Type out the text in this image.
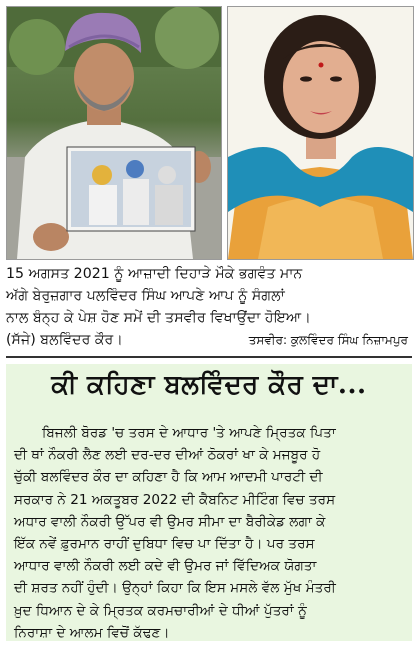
15 ਅਗਸਤ 2021 ਨੂੰ ਆਜ਼ਾਦੀ ਦਿਹਾੜੇ ਮੌਕੇ ਭਗਵੰਤ ਮਾਨ
ਅੱਗੇ ਬੇਰੁਜ਼ਗਾਰ ਪਲਵਿੰਦਰ ਸਿੰਘ ਆਪਣੇ ਆਪ ਨੂੰ ਸੰਗਲਾਂ
ਨਾਲ ਬੰਨ੍ਹ ਕੇ ਪੇਸ਼ ਹੋਣ ਸਮੇਂ ਦੀ ਤਸਵੀਰ ਵਿਖਾਉਂਦਾ ਹੋਇਆ।
(ਸੱਜੇ) ਬਲਵਿੰਦਰ ਕੌਰ।	ਤਸਵੀਰ: ਕੁਲਵਿੰਦਰ ਸਿੰਘ ਨਿਜ਼ਾਮਪੁਰ
ਕੀ ਕਹਿਣਾ ਬਲਵਿੰਦਰ ਕੌਰ ਦਾ...
ਬਿਜਲੀ ਬੋਰਡ 'ਚ ਤਰਸ ਦੇ ਆਧਾਰ 'ਤੇ ਆਪਣੇ ਮ੍ਰਿਤਕ ਪਿਤਾ
ਦੀ ਥਾਂ ਨੌਕਰੀ ਲੈਣ ਲਈ ਦਰ-ਦਰ ਦੀਆਂ ਠੋਕਰਾਂ ਖਾ ਕੇ ਮਜਬੂਰ ਹੋ
ਚੁੱਕੀ ਬਲਵਿੰਦਰ ਕੌਰ ਦਾ ਕਹਿਣਾ ਹੈ ਕਿ ਆਮ ਆਦਮੀ ਪਾਰਟੀ ਦੀ
ਸਰਕਾਰ ਨੇ 21 ਅਕਤੂਬਰ 2022 ਦੀ ਕੈਬਨਿਟ ਮੀਟਿੰਗ ਵਿਚ ਤਰਸ
ਅਧਾਰ ਵਾਲੀ ਨੌਕਰੀ ਉੱਪਰ ਵੀ ਉਮਰ ਸੀਮਾ ਦਾ ਬੈਰੀਕੇਡ ਲਗਾ ਕੇ
ਇੱਕ ਨਵੇਂ ਫ਼ੁਰਮਾਨ ਰਾਹੀਂ ਦੁਬਿਧਾ ਵਿਚ ਪਾ ਦਿੱਤਾ ਹੈ। ਪਰ ਤਰਸ
ਆਧਾਰ ਵਾਲੀ ਨੌਕਰੀ ਲਈ ਕਦੇ ਵੀ ਉਮਰ ਜਾਂ ਵਿੱਦਿਅਕ ਯੋਗਤਾ
ਦੀ ਸ਼ਰਤ ਨਹੀਂ ਹੁੰਦੀ। ਉਨ੍ਹਾਂ ਕਿਹਾ ਕਿ ਇਸ ਮਸਲੇ ਵੱਲ ਮੁੱਖ ਮੰਤਰੀ
ਖ਼ੁਦ ਧਿਆਨ ਦੇ ਕੇ ਮ੍ਰਿਤਕ ਕਰਮਚਾਰੀਆਂ ਦੇ ਧੀਆਂ ਪੁੱਤਰਾਂ ਨੂੰ
ਨਿਰਾਸ਼ਾ ਦੇ ਆਲਮ ਵਿਚੋਂ ਕੱਢਣ।
